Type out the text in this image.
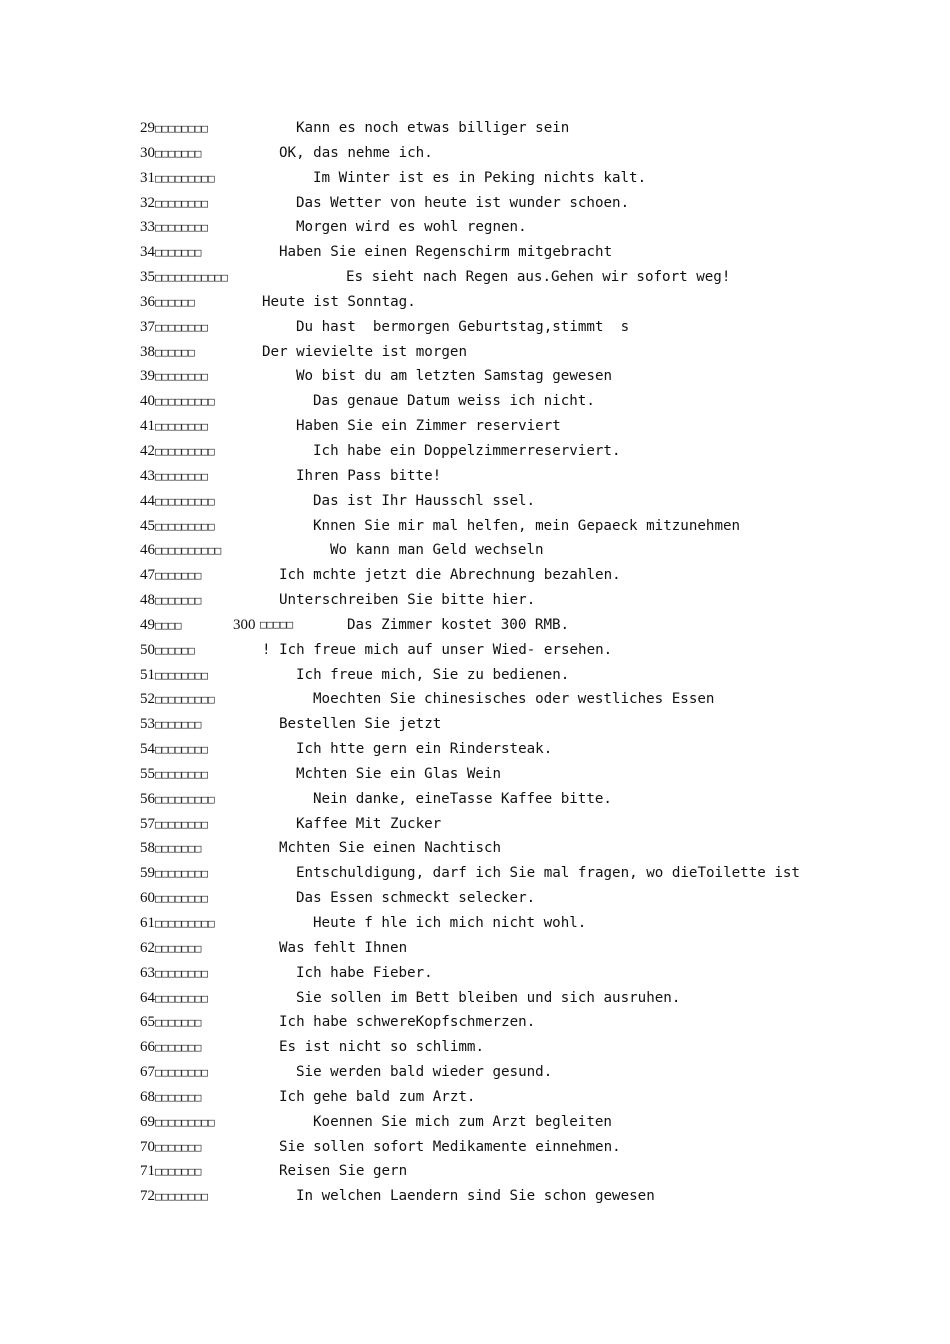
29□□□□□□□□	Kann es noch etwas billiger sein
30□□□□□□□	OK, das nehme ich.
31□□□□□□□□□	Im Winter ist es in Peking nichts kalt.
32□□□□□□□□	Das Wetter von heute ist wunder schoen.
33□□□□□□□□	Morgen wird es wohl regnen.
34□□□□□□□	Haben Sie einen Regenschirm mitgebracht
35□□□□□□□□□□□	Es sieht nach Regen aus.Gehen wir sofort weg!
36□□□□□□	Heute ist Sonntag.
37□□□□□□□□	Du hast  bermorgen Geburtstag,stimmt  s
38□□□□□□	Der wievielte ist morgen
39□□□□□□□□	Wo bist du am letzten Samstag gewesen
40□□□□□□□□□	Das genaue Datum weiss ich nicht.
41□□□□□□□□	Haben Sie ein Zimmer reserviert
42□□□□□□□□□	Ich habe ein Doppelzimmerreserviert.
43□□□□□□□□	Ihren Pass bitte!
44□□□□□□□□□	Das ist Ihr Hausschl ssel.
45□□□□□□□□□	Knnen Sie mir mal helfen, mein Gepaeck mitzunehmen
46□□□□□□□□□□	Wo kann man Geld wechseln
47□□□□□□□	Ich mchte jetzt die Abrechnung bezahlen.
48□□□□□□□	Unterschreiben Sie bitte hier.
49□□□□	300 □□□□□	Das Zimmer kostet 300 RMB.
50□□□□□□	! Ich freue mich auf unser Wied- ersehen.
51□□□□□□□□	Ich freue mich, Sie zu bedienen.
52□□□□□□□□□	Moechten Sie chinesisches oder westliches Essen
53□□□□□□□	Bestellen Sie jetzt
54□□□□□□□□	Ich htte gern ein Rindersteak.
55□□□□□□□□	Mchten Sie ein Glas Wein
56□□□□□□□□□	Nein danke, eineTasse Kaffee bitte.
57□□□□□□□□	Kaffee Mit Zucker
58□□□□□□□	Mchten Sie einen Nachtisch
59□□□□□□□□	Entschuldigung, darf ich Sie mal fragen, wo dieToilette ist
60□□□□□□□□	Das Essen schmeckt selecker.
61□□□□□□□□□	Heute f hle ich mich nicht wohl.
62□□□□□□□	Was fehlt Ihnen
63□□□□□□□□	Ich habe Fieber.
64□□□□□□□□	Sie sollen im Bett bleiben und sich ausruhen.
65□□□□□□□	Ich habe schwereKopfschmerzen.
66□□□□□□□	Es ist nicht so schlimm.
67□□□□□□□□	Sie werden bald wieder gesund.
68□□□□□□□	Ich gehe bald zum Arzt.
69□□□□□□□□□	Koennen Sie mich zum Arzt begleiten
70□□□□□□□	Sie sollen sofort Medikamente einnehmen.
71□□□□□□□	Reisen Sie gern
72□□□□□□□□	In welchen Laendern sind Sie schon gewesen
